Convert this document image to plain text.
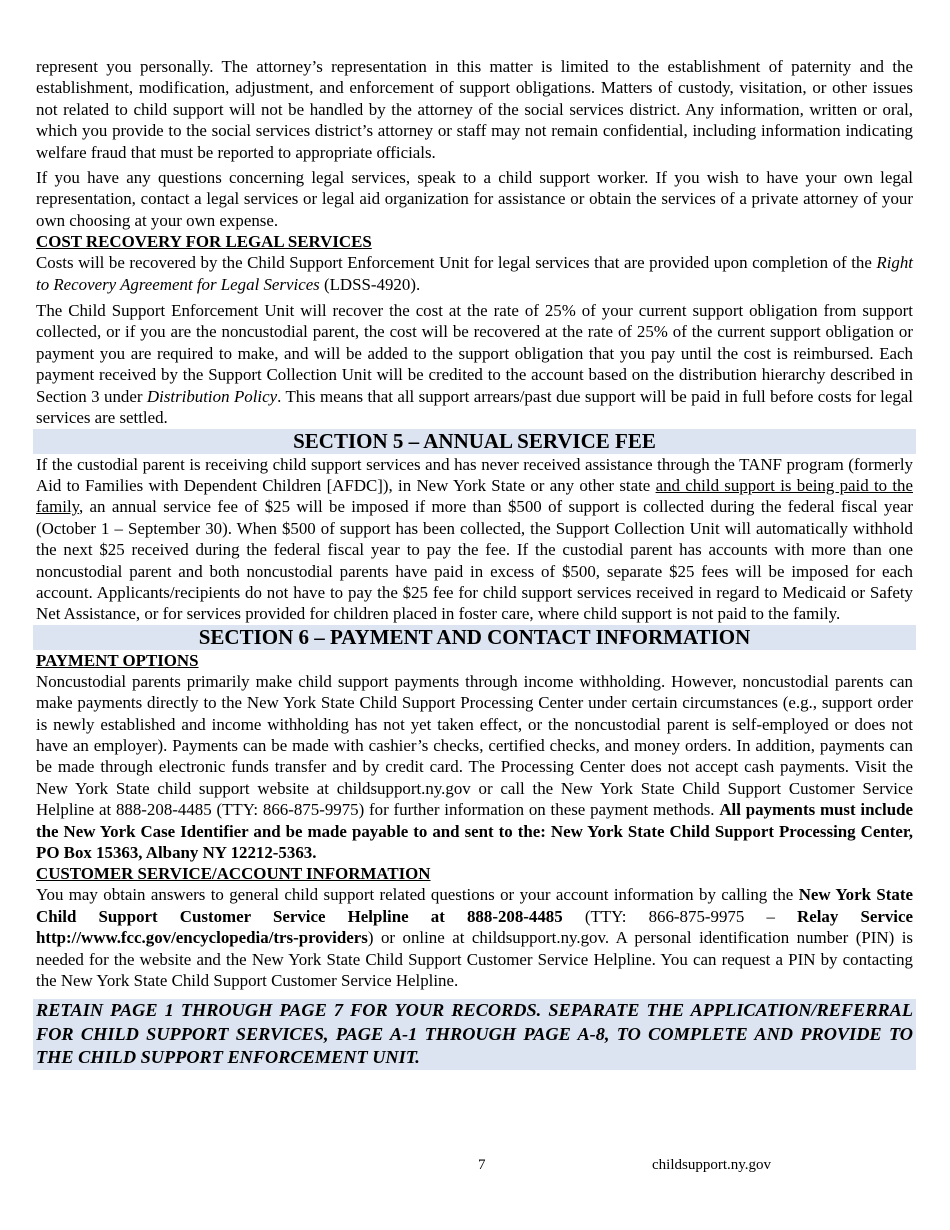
represent you personally. The attorney’s representation in this matter is limited to the establishment of paternity and the establishment, modification, adjustment, and enforcement of support obligations. Matters of custody, visitation, or other issues not related to child support will not be handled by the attorney of the social services district. Any information, written or oral, which you provide to the social services district’s attorney or staff may not remain confidential, including information indicating welfare fraud that must be reported to appropriate officials.

If you have any questions concerning legal services, speak to a child support worker. If you wish to have your own legal representation, contact a legal services or legal aid organization for assistance or obtain the services of a private attorney of your own choosing at your own expense.

COST RECOVERY FOR LEGAL SERVICES

Costs will be recovered by the Child Support Enforcement Unit for legal services that are provided upon completion of the Right to Recovery Agreement for Legal Services (LDSS-4920).

The Child Support Enforcement Unit will recover the cost at the rate of 25% of your current support obligation from support collected, or if you are the noncustodial parent, the cost will be recovered at the rate of 25% of the current support obligation or payment you are required to make, and will be added to the support obligation that you pay until the cost is reimbursed. Each payment received by the Support Collection Unit will be credited to the account based on the distribution hierarchy described in Section 3 under Distribution Policy. This means that all support arrears/past due support will be paid in full before costs for legal services are settled.

SECTION 5 – ANNUAL SERVICE FEE

If the custodial parent is receiving child support services and has never received assistance through the TANF program (formerly Aid to Families with Dependent Children [AFDC]), in New York State or any other state and child support is being paid to the family, an annual service fee of $25 will be imposed if more than $500 of support is collected during the federal fiscal year (October 1 – September 30). When $500 of support has been collected, the Support Collection Unit will automatically withhold the next $25 received during the federal fiscal year to pay the fee. If the custodial parent has accounts with more than one noncustodial parent and both noncustodial parents have paid in excess of $500, separate $25 fees will be imposed for each account. Applicants/recipients do not have to pay the $25 fee for child support services received in regard to Medicaid or Safety Net Assistance, or for services provided for children placed in foster care, where child support is not paid to the family.

SECTION 6 – PAYMENT AND CONTACT INFORMATION
PAYMENT OPTIONS

Noncustodial parents primarily make child support payments through income withholding. However, noncustodial parents can make payments directly to the New York State Child Support Processing Center under certain circumstances (e.g., support order is newly established and income withholding has not yet taken effect, or the noncustodial parent is self-employed or does not have an employer). Payments can be made with cashier’s checks, certified checks, and money orders. In addition, payments can be made through electronic funds transfer and by credit card. The Processing Center does not accept cash payments. Visit the New York State child support website at childsupport.ny.gov or call the New York State Child Support Customer Service Helpline at 888-208-4485 (TTY: 866-875-9975) for further information on these payment methods. All payments must include the New York Case Identifier and be made payable to and sent to the: New York State Child Support Processing Center, PO Box 15363, Albany NY 12212-5363.

CUSTOMER SERVICE/ACCOUNT INFORMATION

You may obtain answers to general child support related questions or your account information by calling the New York State Child Support Customer Service Helpline at 888-208-4485 (TTY: 866-875-9975 – Relay Service http://www.fcc.gov/encyclopedia/trs-providers) or online at childsupport.ny.gov. A personal identification number (PIN) is needed for the website and the New York State Child Support Customer Service Helpline. You can request a PIN by contacting the New York State Child Support Customer Service Helpline.

RETAIN PAGE 1 THROUGH PAGE 7 FOR YOUR RECORDS. SEPARATE THE APPLICATION/REFERRAL FOR CHILD SUPPORT SERVICES, PAGE A-1 THROUGH PAGE A-8, TO COMPLETE AND PROVIDE TO THE CHILD SUPPORT ENFORCEMENT UNIT.
7	childsupport.ny.gov
